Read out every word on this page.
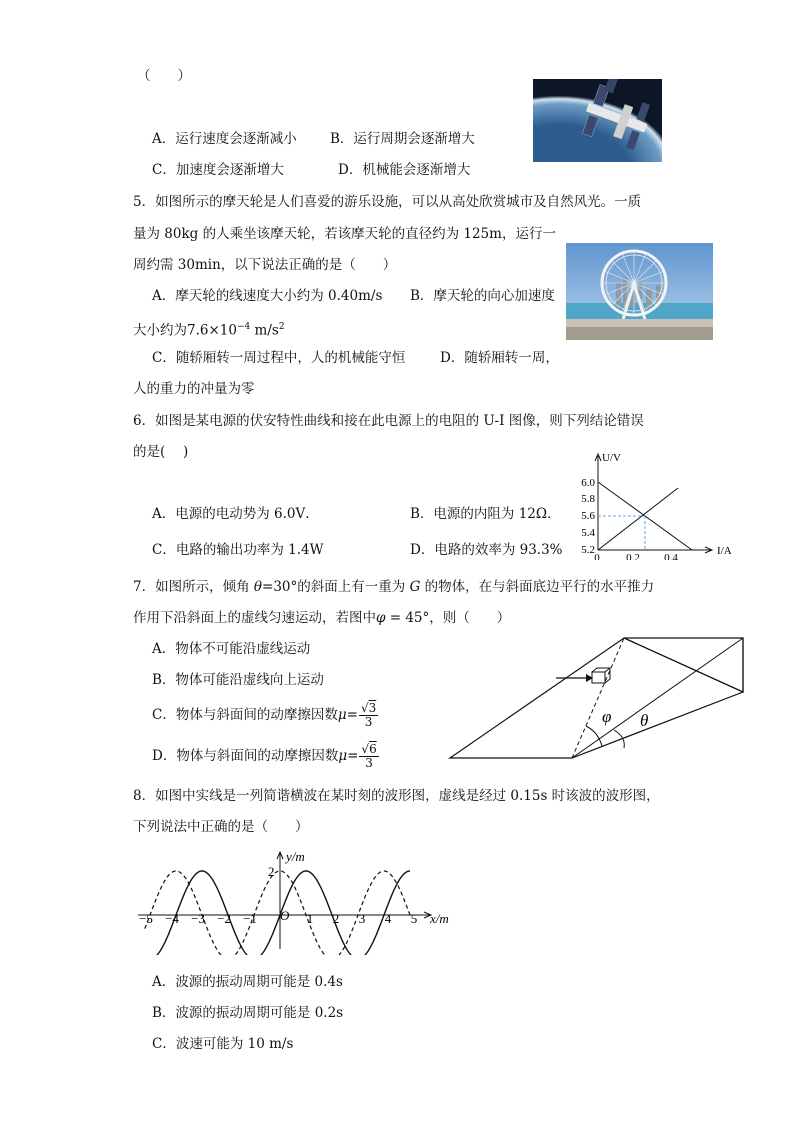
（　　）
A．运行速度会逐渐减小 B．运行周期会逐渐增大
C．加速度会逐渐增大	D．机械能会逐渐增大
5．如图所示的摩天轮是人们喜爱的游乐设施，可以从高处欣赏城市及自然风光。一质
量为 80kg 的人乘坐该摩天轮，若该摩天轮的直径约为 125m，运行一
周约需 30min，以下说法正确的是（　　）
A．摩天轮的线速度大小约为 0.40m/s B．摩天轮的向心加速度
大小约为$7.6\times 10^{-4}$ $m/s^2$
C．随轿厢转一周过程中，人的机械能守恒	D．随轿厢转一周，
人的重力的冲量为零
6．如图是某电源的伏安特性曲线和接在此电源上的电阻的 U-I 图像，则下列结论错误
的是(　 )
A．电源的电动势为 6.0V．	B．电源的内阻为 12Ω．
C．电路的输出功率为 1.4W	D．电路的效率为 93.3%
U/V
I/A
6.0
5.8
5.6
5.4
5.2
0 0.2 0.4
7．如图所示，倾角 θ=30°的斜面上有一重为 G 的物体，在与斜面底边平行的水平推力
作用下沿斜面上的虚线匀速运动，若图中φ = 45°，则（　　）
A．物体不可能沿虚线运动
B．物体可能沿虚线向上运动
C．物体与斜面间的动摩擦因数$\mu= \frac{√3}{3}$
D．物体与斜面间的动摩擦因数$\mu= \frac{√6}{3}$
φ θ
8．如图中实线是一列简谐横波在某时刻的波形图，虚线是经过 0.15s 时该波的波形图，
下列说法中正确的是（　　）
y/m
2
O	x/m
−5 −4 −3 −2 −1	1 2 3 4 5
A．波源的振动周期可能是 0.4s
B．波源的振动周期可能是 0.2s
C．波速可能为 10 m/s
